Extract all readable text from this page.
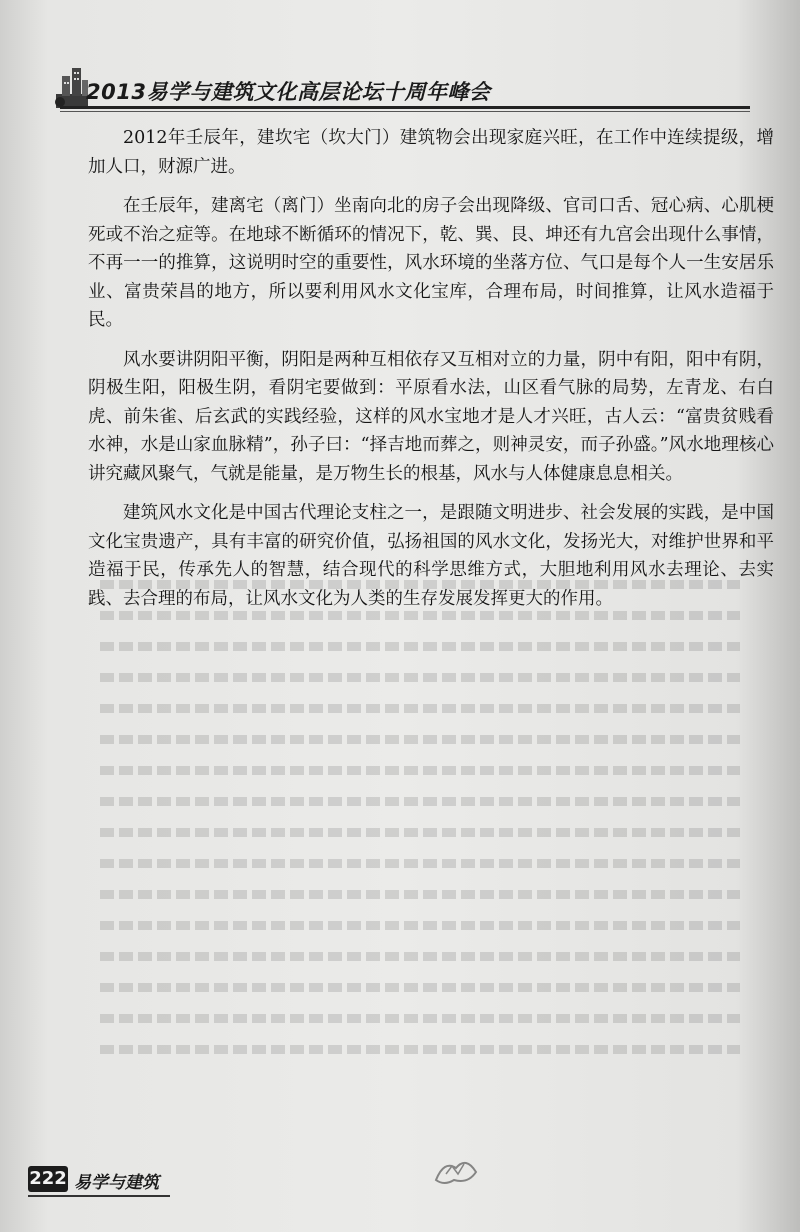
2013易学与建筑文化高层论坛十周年峰会

2012年壬辰年，建坎宅（坎大门）建筑物会出现家庭兴旺，在工作中连续提级，增加人口，财源广进。

在壬辰年，建离宅（离门）坐南向北的房子会出现降级、官司口舌、冠心病、心肌梗死或不治之症等。在地球不断循环的情况下，乾、巽、艮、坤还有九宫会出现什么事情，不再一一的推算，这说明时空的重要性，风水环境的坐落方位、气口是每个人一生安居乐业、富贵荣昌的地方，所以要利用风水文化宝库，合理布局，时间推算，让风水造福于民。

风水要讲阴阳平衡，阴阳是两种互相依存又互相对立的力量，阴中有阳，阳中有阴，阴极生阳，阳极生阴，看阴宅要做到：平原看水法，山区看气脉的局势，左青龙、右白虎、前朱雀、后玄武的实践经验，这样的风水宝地才是人才兴旺，古人云：“富贵贫贱看水神，水是山家血脉精”，孙子曰：“择吉地而葬之，则神灵安，而子孙盛。”风水地理核心讲究藏风聚气，气就是能量，是万物生长的根基，风水与人体健康息息相关。

建筑风水文化是中国古代理论支柱之一，是跟随文明进步、社会发展的实践，是中国文化宝贵遗产，具有丰富的研究价值，弘扬祖国的风水文化，发扬光大，对维护世界和平造福于民，传承先人的智慧，结合现代的科学思维方式，大胆地利用风水去理论、去实践、去合理的布局，让风水文化为人类的生存发展发挥更大的作用。

222 易学与建筑
